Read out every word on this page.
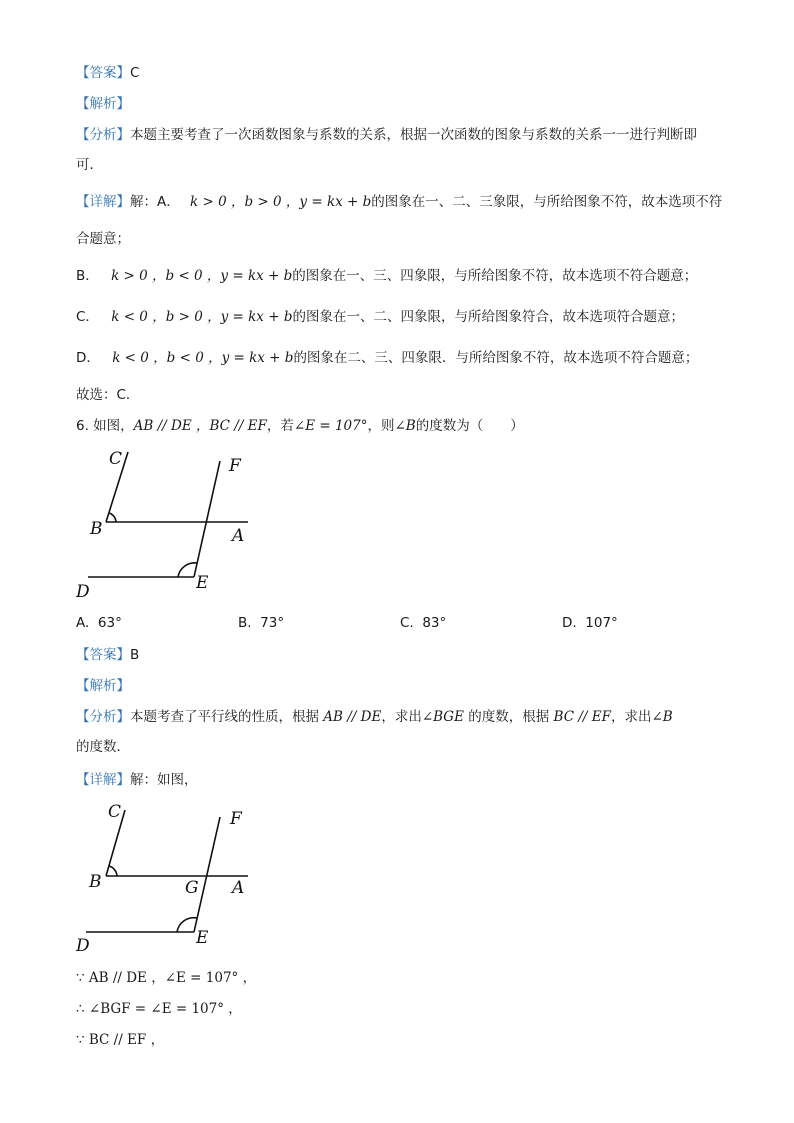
【答案】C
【解析】
【分析】本题主要考查了一次函数图象与系数的关系，根据一次函数的图象与系数的关系一一进行判断即
可．
【详解】解：A． k > 0 ，b > 0 ，y = kx + b的图象在一、二、三象限，与所给图象不符，故本选项不符
合题意；
B． k > 0 ，b < 0 ，y = kx + b的图象在一、三、四象限，与所给图象不符，故本选项不符合题意；
C． k < 0 ，b > 0 ，y = kx + b的图象在一、二、四象限，与所给图象符合，故本选项符合题意；
D． k < 0 ，b < 0 ，y = kx + b的图象在二、三、四象限．与所给图象不符，故本选项不符合题意；
故选：C．
6. 如图，AB // DE ，BC // EF，若∠E = 107°，则∠B的度数为（　　）
C	F
B	A
D	E
A. 63°	B. 73°	C. 83°	D. 107°
【答案】B
【解析】
【分析】本题考查了平行线的性质，根据 AB // DE，求出∠BGE 的度数，根据 BC // EF，求出∠B
的度数．
【详解】解：如图，
C	F
B	G A
D	E
∵ AB // DE ，∠E = 107° ，
∴ ∠BGF = ∠E = 107° ，
∵ BC // EF ，
